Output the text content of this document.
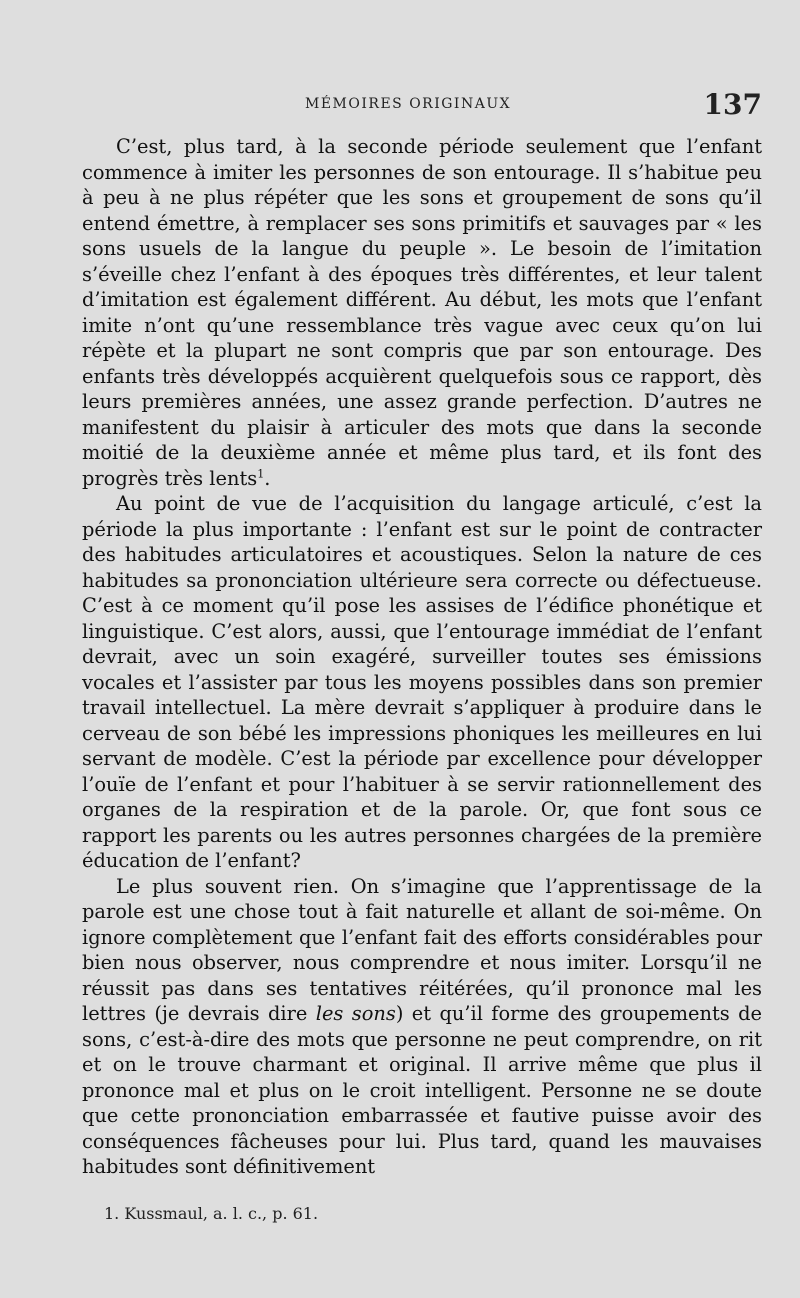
MÉMOIRES ORIGINAUX	137

C’est, plus tard, à la seconde période seulement que l’enfant commence à imiter les personnes de son entourage. Il s’habitue peu à peu à ne plus répéter que les sons et groupement de sons qu’il entend émettre, à remplacer ses sons primitifs et sauvages par « les sons usuels de la langue du peuple ». Le besoin de l’imitation s’éveille chez l’enfant à des époques très différentes, et leur talent d’imitation est également différent. Au début, les mots que l’enfant imite n’ont qu’une ressemblance très vague avec ceux qu’on lui répète et la plupart ne sont compris que par son entourage. Des enfants très développés acquièrent quelquefois sous ce rapport, dès leurs premières années, une assez grande perfection. D’autres ne manifestent du plaisir à articuler des mots que dans la seconde moitié de la deuxième année et même plus tard, et ils font des progrès très lents$^1$.

Au point de vue de l’acquisition du langage articulé, c’est la période la plus importante : l’enfant est sur le point de contracter des habitudes articulatoires et acoustiques. Selon la nature de ces habitudes sa prononciation ultérieure sera correcte ou défectueuse. C’est à ce moment qu’il pose les assises de l’édifice phonétique et linguistique. C’est alors, aussi, que l’entourage immédiat de l’enfant devrait, avec un soin exagéré, surveiller toutes ses émissions vocales et l’assister par tous les moyens possibles dans son premier travail intellectuel. La mère devrait s’appliquer à produire dans le cerveau de son bébé les impressions phoniques les meilleures en lui servant de modèle. C’est la période par excellence pour développer l’ouïe de l’enfant et pour l’habituer à se servir rationnellement des organes de la respiration et de la parole. Or, que font sous ce rapport les parents ou les autres personnes chargées de la première éducation de l’enfant?

Le plus souvent rien. On s’imagine que l’apprentissage de la parole est une chose tout à fait naturelle et allant de soi-même. On ignore complètement que l’enfant fait des efforts considérables pour bien nous observer, nous comprendre et nous imiter. Lorsqu’il ne réussit pas dans ses tentatives réitérées, qu’il prononce mal les lettres (je devrais dire les sons) et qu’il forme des groupements de sons, c’est-à-dire des mots que personne ne peut comprendre, on rit et on le trouve charmant et original. Il arrive même que plus il prononce mal et plus on le croit intelligent. Personne ne se doute que cette prononciation embarrassée et fautive puisse avoir des conséquences fâcheuses pour lui. Plus tard, quand les mauvaises habitudes sont définitivement

1. Kussmaul, a. l. c., p. 61.
